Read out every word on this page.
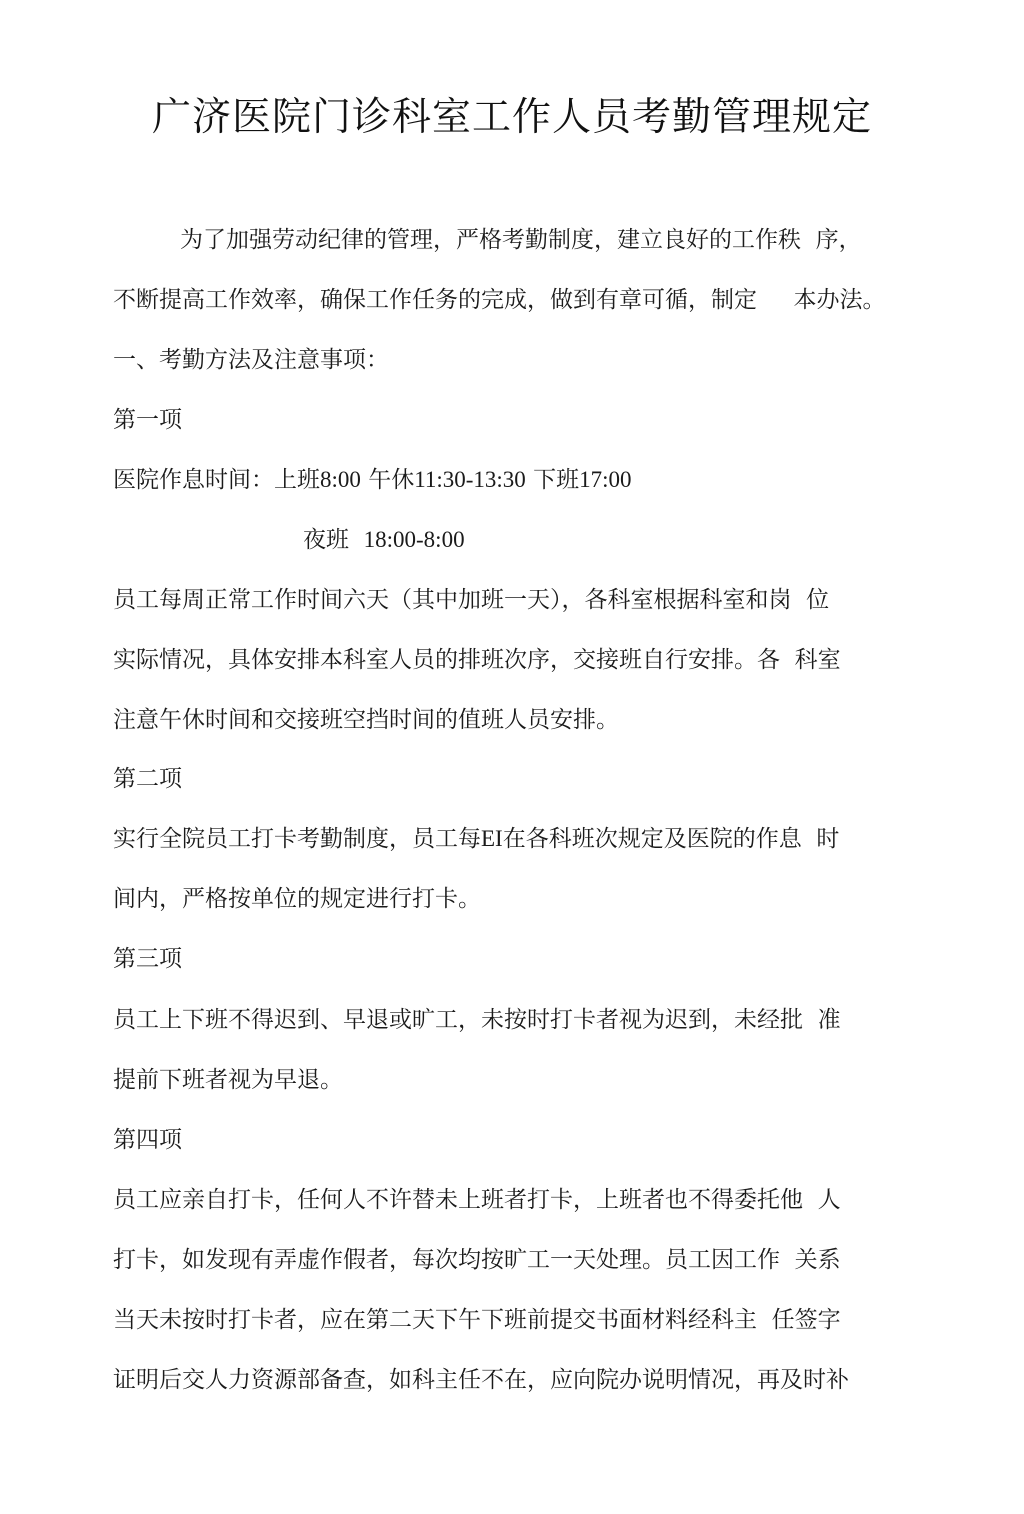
广济医院门诊科室工作人员考勤管理规定
为了加强劳动纪律的管理，严格考勤制度，建立良好的工作秩  序，
不断提高工作效率，确保工作任务的完成，做到有章可循，制定     本办法。
一、考勤方法及注意事项：
第一项
医院作息时间：上班8:00 午休11:30-13:30 下班17:00
夜班 18:00-8:00
员工每周正常工作时间六天（其中加班一天），各科室根据科室和岗  位
实际情况，具体安排本科室人员的排班次序，交接班自行安排。各  科室
注意午休时间和交接班空挡时间的值班人员安排。
第二项
实行全院员工打卡考勤制度，员工每EI在各科班次规定及医院的作息  时
间内，严格按单位的规定进行打卡。
第三项
员工上下班不得迟到、早退或旷工，未按时打卡者视为迟到，未经批  准
提前下班者视为早退。
第四项
员工应亲自打卡，任何人不许替未上班者打卡，上班者也不得委托他  人
打卡，如发现有弄虚作假者，每次均按旷工一天处理。员工因工作  关系
当天未按时打卡者，应在第二天下午下班前提交书面材料经科主  任签字
证明后交人力资源部备查，如科主任不在，应向院办说明情况，再及时补
